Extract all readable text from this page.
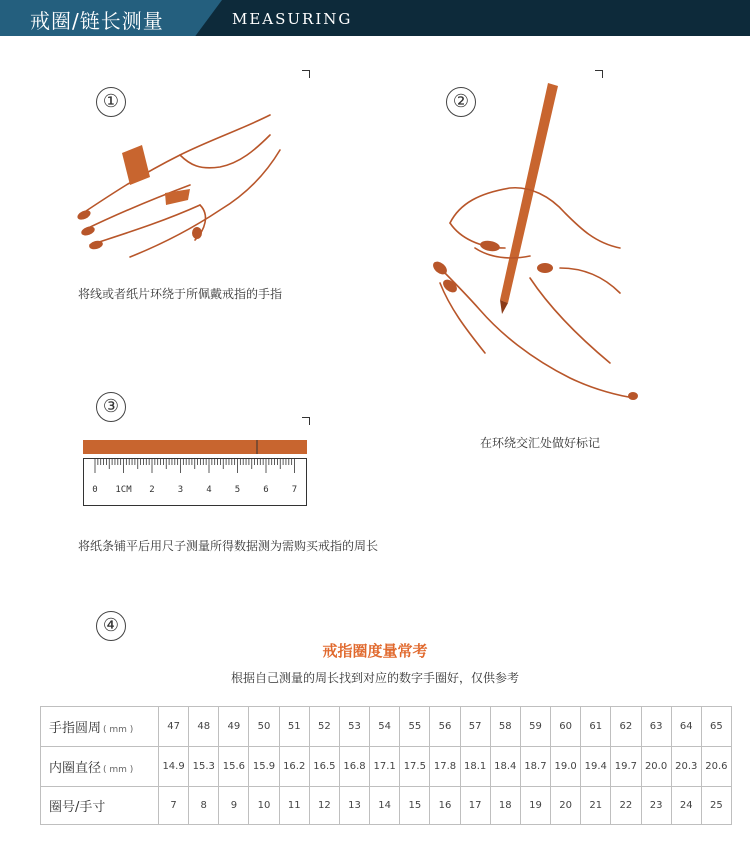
戒圈/链长测量	MEASURING
①
将线或者纸片环绕于所佩戴戒指的手指
②
在环绕交汇处做好标记
③
0 1CM 2	3	4	5	6	7
将纸条铺平后用尺子测量所得数据测为需购买戒指的周长
④
戒指圈度量常考
根据自己测量的周长找到对应的数字手圈好，仅供参考
手指圆周 ( mm )	47	48	49	50	51	52	53	54	55	56	57	58	59	60	61	62	63	64	65
内圈直径 ( mm )	14.9	15.3	15.6	15.9	16.2	16.5	16.8	17.1	17.5	17.8	18.1	18.4	18.7	19.0	19.4	19.7	20.0	20.3	20.6
圈号/手寸	7	8	9	10	11	12	13	14	15	16	17	18	19	20	21	22	23	24	25
